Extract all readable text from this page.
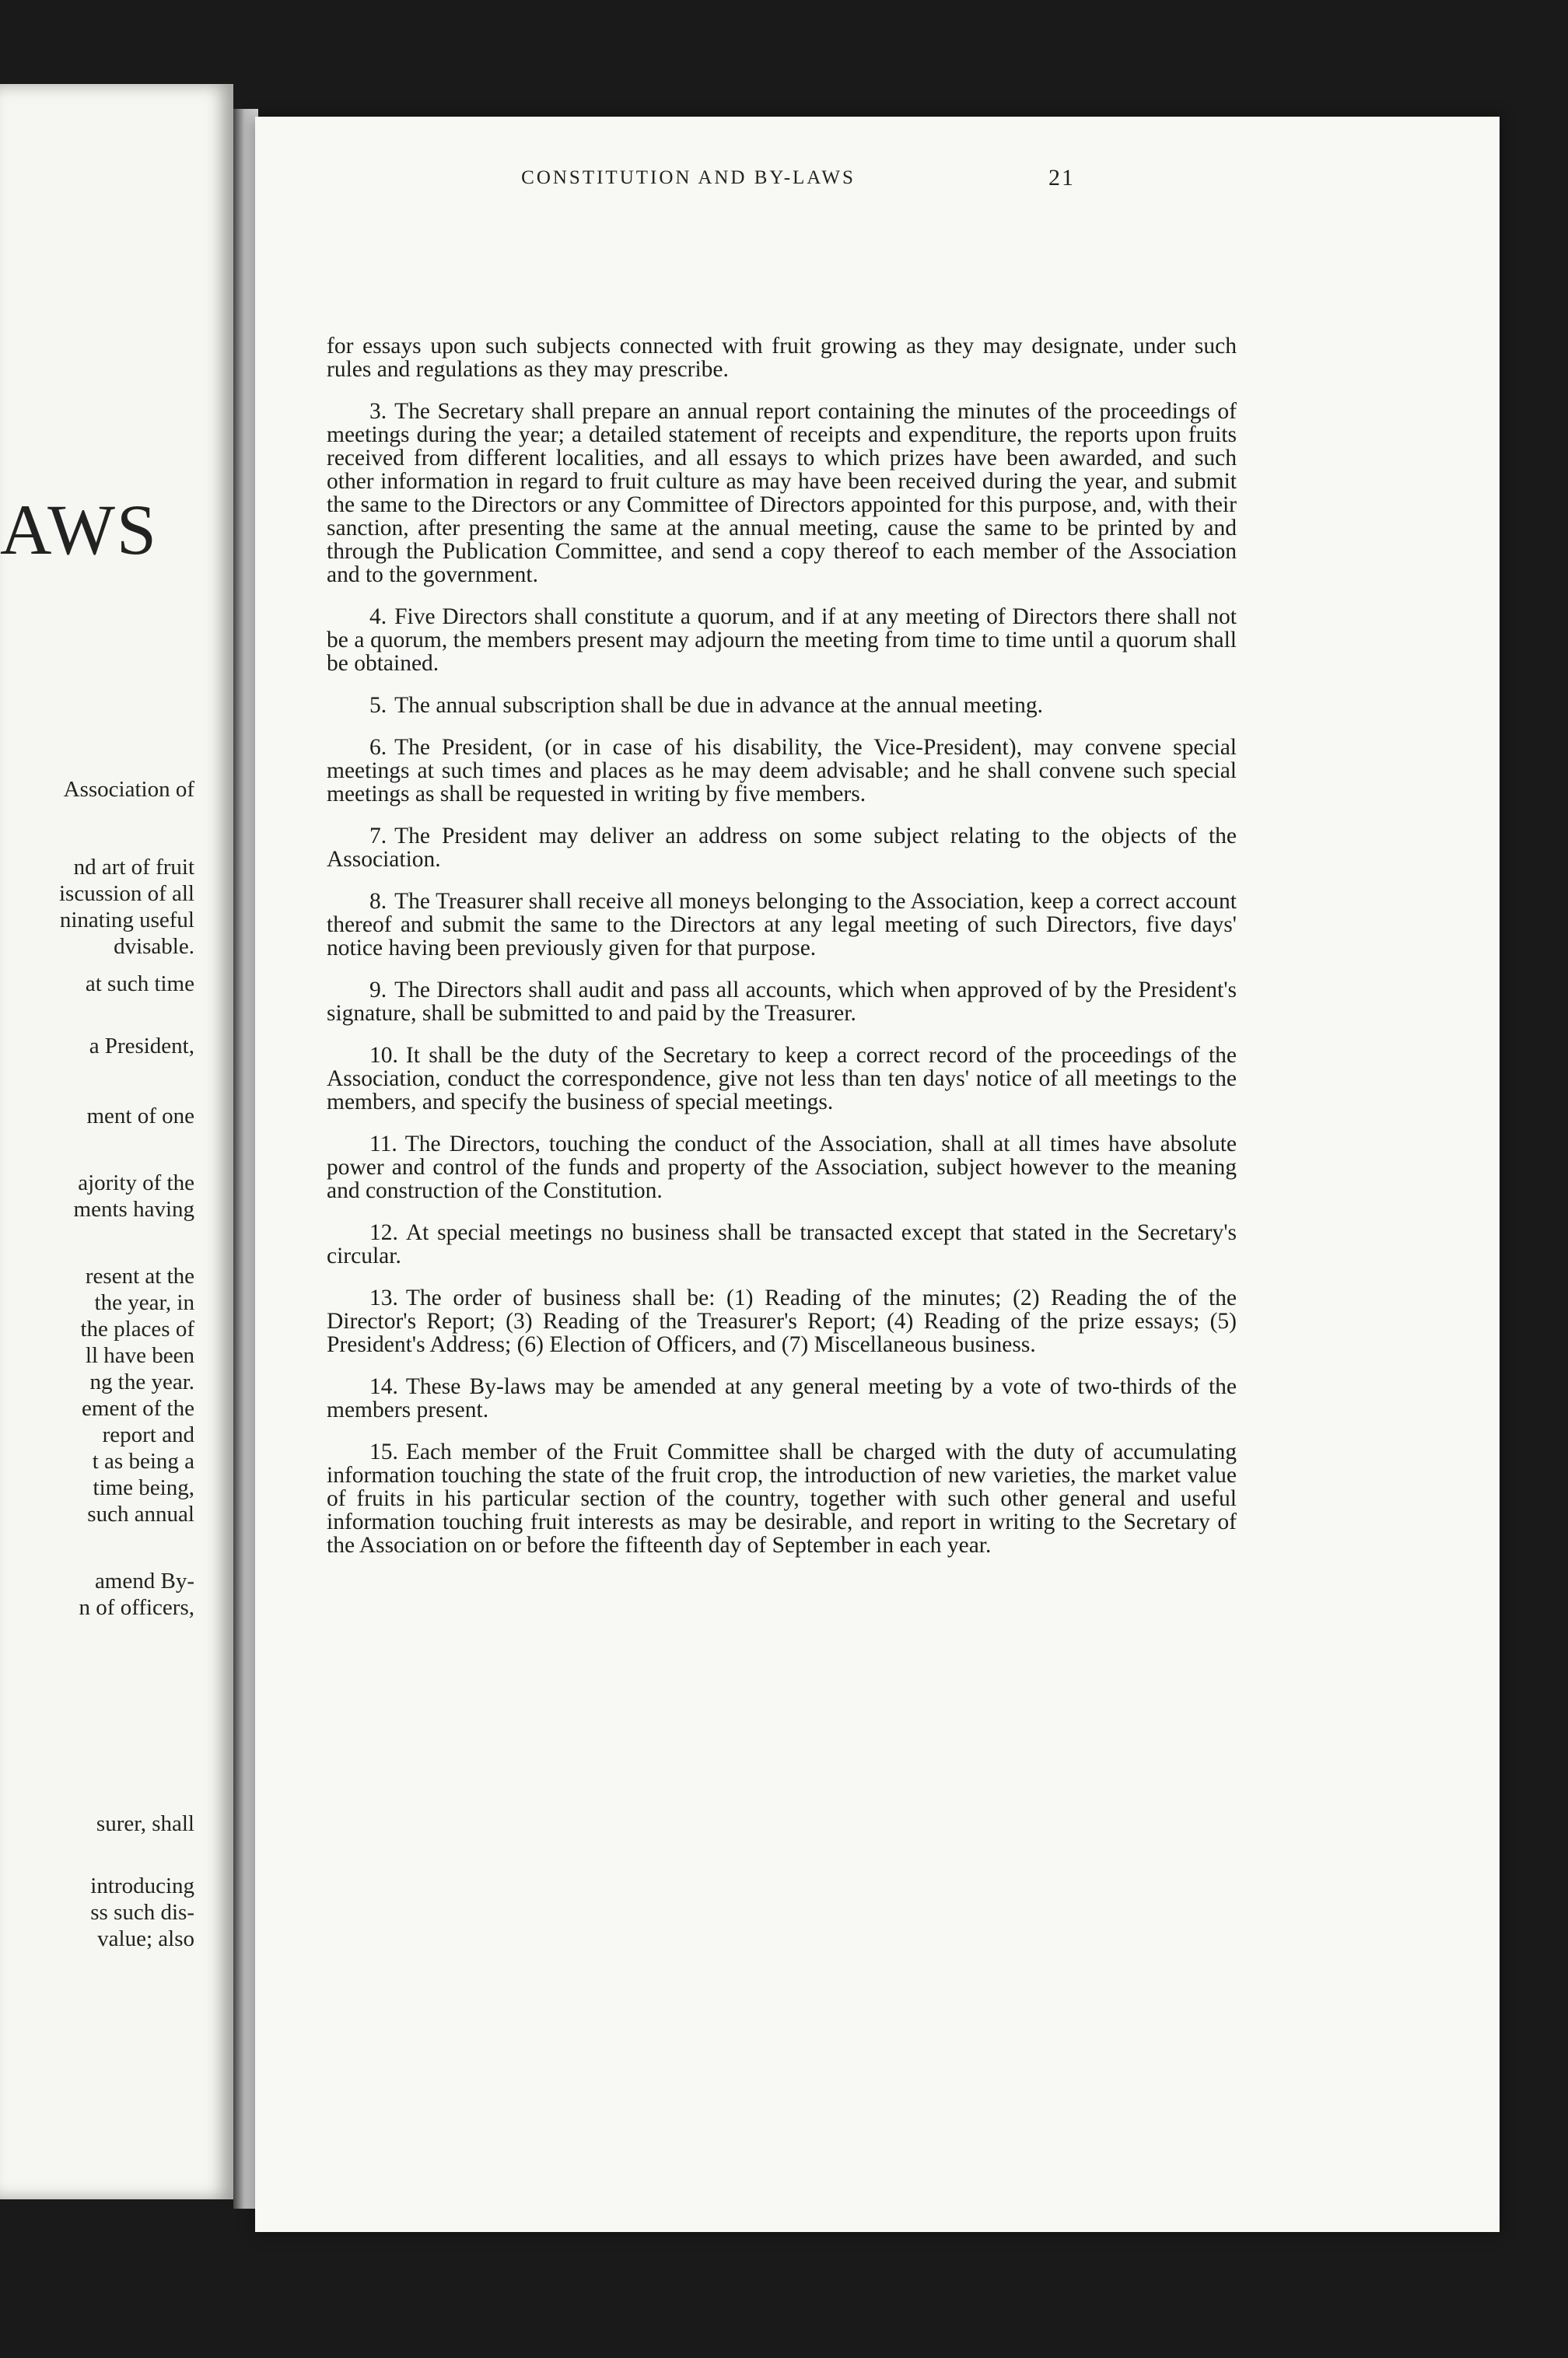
AWS
Association of
nd art of fruit
iscussion of all
ninating useful
dvisable.
at such time
a President,
ment of one
ajority of the
ments having
resent at the
the year, in
the places of
ll have been
ng the year.
ement of the
report and
t as being a
time being,
such annual
amend By-
n of officers,
surer, shall
introducing
ss such dis-
value; also
CONSTITUTION AND BY-LAWS	21

for essays upon such subjects connected with fruit growing as they may designate, under such rules and regulations as they may prescribe.

3. The Secretary shall prepare an annual report containing the minutes of the proceedings of meetings during the year; a detailed statement of receipts and expenditure, the reports upon fruits received from different localities, and all essays to which prizes have been awarded, and such other information in regard to fruit culture as may have been received during the year, and submit the same to the Directors or any Committee of Directors appointed for this purpose, and, with their sanction, after presenting the same at the annual meeting, cause the same to be printed by and through the Publication Committee, and send a copy thereof to each member of the Association and to the government.

4. Five Directors shall constitute a quorum, and if at any meeting of Directors there shall not be a quorum, the members present may adjourn the meeting from time to time until a quorum shall be obtained.

5. The annual subscription shall be due in advance at the annual meeting.

6. The President, (or in case of his disability, the Vice-President), may convene special meetings at such times and places as he may deem advisable; and he shall convene such special meetings as shall be requested in writing by five members.

7. The President may deliver an address on some subject relating to the objects of the Association.

8. The Treasurer shall receive all moneys belonging to the Association, keep a correct account thereof and submit the same to the Directors at any legal meeting of such Directors, five days' notice having been previously given for that purpose.

9. The Directors shall audit and pass all accounts, which when approved of by the President's signature, shall be submitted to and paid by the Treasurer.

10. It shall be the duty of the Secretary to keep a correct record of the proceedings of the Association, conduct the correspondence, give not less than ten days' notice of all meetings to the members, and specify the business of special meetings.

11. The Directors, touching the conduct of the Association, shall at all times have absolute power and control of the funds and property of the Association, subject however to the meaning and construction of the Constitution.

12. At special meetings no business shall be transacted except that stated in the Secretary's circular.

13. The order of business shall be: (1) Reading of the minutes; (2) Reading the of the Director's Report; (3) Reading of the Treasurer's Report; (4) Reading of the prize essays; (5) President's Address; (6) Election of Officers, and (7) Miscellaneous business.

14. These By-laws may be amended at any general meeting by a vote of two-thirds of the members present.

15. Each member of the Fruit Committee shall be charged with the duty of accumulating information touching the state of the fruit crop, the introduction of new varieties, the market value of fruits in his particular section of the country, together with such other general and useful information touching fruit interests as may be desirable, and report in writing to the Secretary of the Association on or before the fifteenth day of September in each year.
